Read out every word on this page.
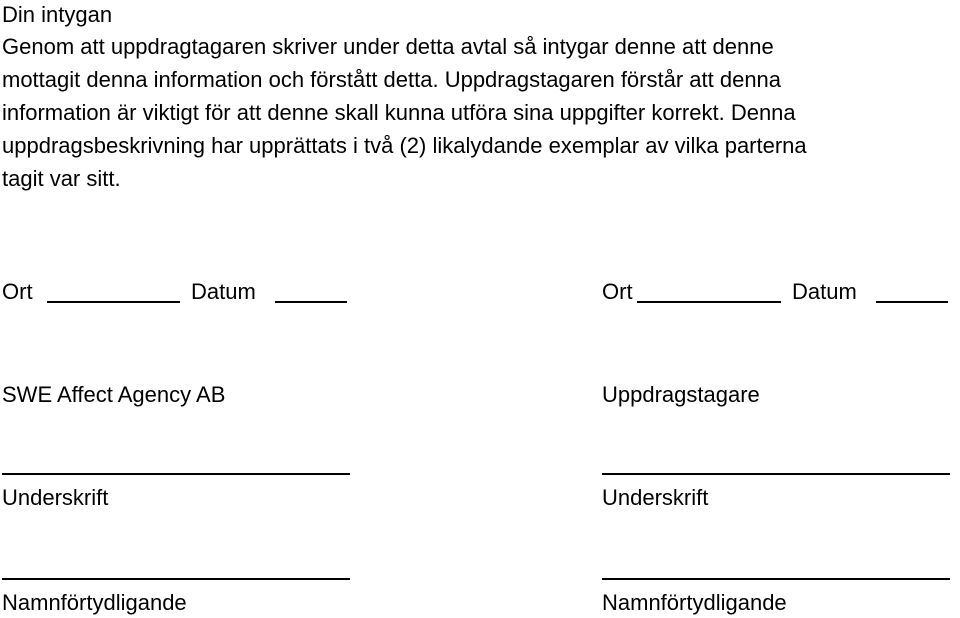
Din intygan
Genom att uppdragtagaren skriver under detta avtal så intygar denne att denne
mottagit denna information och förstått detta. Uppdragstagaren förstår att denna
information är viktigt för att denne skall kunna utföra sina uppgifter korrekt. Denna
uppdragsbeskrivning har upprättats i två (2) likalydande exemplar av vilka parterna
tagit var sitt.
Ort	Datum
SWE Affect Agency AB
Underskrift
Namnförtydligande
Ort	Datum
Uppdragstagare
Underskrift
Namnförtydligande
